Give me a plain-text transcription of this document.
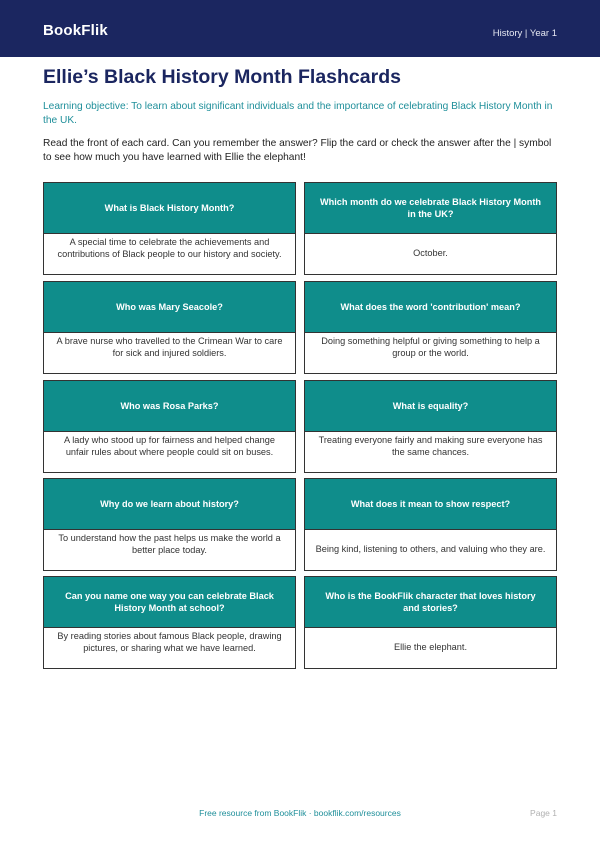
BookFlik	History | Year 1
Ellie’s Black History Month Flashcards
Learning objective: To learn about significant individuals and the importance of celebrating Black History Month in the UK.
Read the front of each card. Can you remember the answer? Flip the card or check the answer after the | symbol to see how much you have learned with Ellie the elephant!
What is Black History Month?
A special time to celebrate the achievements and contributions of Black people to our history and society.
Which month do we celebrate Black History Month in the UK?
October.
Who was Mary Seacole?
A brave nurse who travelled to the Crimean War to care for sick and injured soldiers.
What does the word 'contribution' mean?
Doing something helpful or giving something to help a group or the world.
Who was Rosa Parks?
A lady who stood up for fairness and helped change unfair rules about where people could sit on buses.
What is equality?
Treating everyone fairly and making sure everyone has the same chances.
Why do we learn about history?
To understand how the past helps us make the world a better place today.
What does it mean to show respect?
Being kind, listening to others, and valuing who they are.
Can you name one way you can celebrate Black History Month at school?
By reading stories about famous Black people, drawing pictures, or sharing what we have learned.
Who is the BookFlik character that loves history and stories?
Ellie the elephant.
Free resource from BookFlik · bookflik.com/resources	Page 1
